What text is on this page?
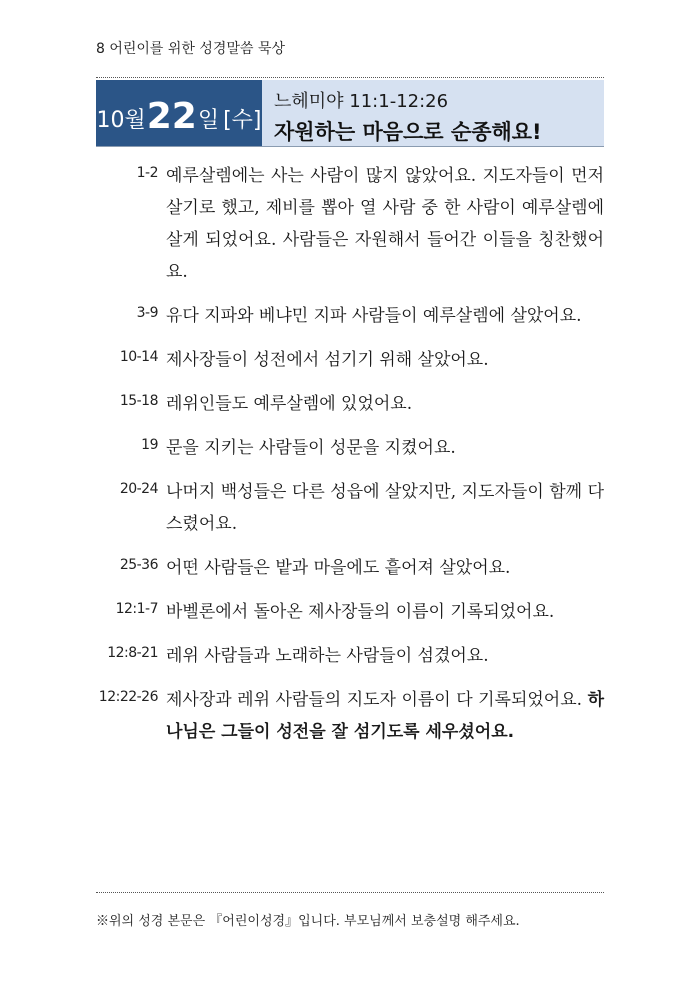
8 어린이를 위한 성경말씀 묵상
10월 22 일 [수]
느헤미야 11:1-12:26
자원하는 마음으로 순종해요!
1-2 예루살렘에는 사는 사람이 많지 않았어요. 지도자들이 먼저 살기로 했고, 제비를 뽑아 열 사람 중 한 사람이 예루살렘에 살게 되었어요. 사람들은 자원해서 들어간 이들을 칭찬했어요.
3-9 유다 지파와 베냐민 지파 사람들이 예루살렘에 살았어요.
10-14 제사장들이 성전에서 섬기기 위해 살았어요.
15-18 레위인들도 예루살렘에 있었어요.
19 문을 지키는 사람들이 성문을 지켰어요.
20-24 나머지 백성들은 다른 성읍에 살았지만, 지도자들이 함께 다스렸어요.
25-36 어떤 사람들은 밭과 마을에도 흩어져 살았어요.
12:1-7 바벨론에서 돌아온 제사장들의 이름이 기록되었어요.
12:8-21 레위 사람들과 노래하는 사람들이 섬겼어요.
12:22-26 제사장과 레위 사람들의 지도자 이름이 다 기록되었어요. 하나님은 그들이 성전을 잘 섬기도록 세우셨어요.
※위의 성경 본문은 『어린이성경』입니다. 부모님께서 보충설명 해주세요.
